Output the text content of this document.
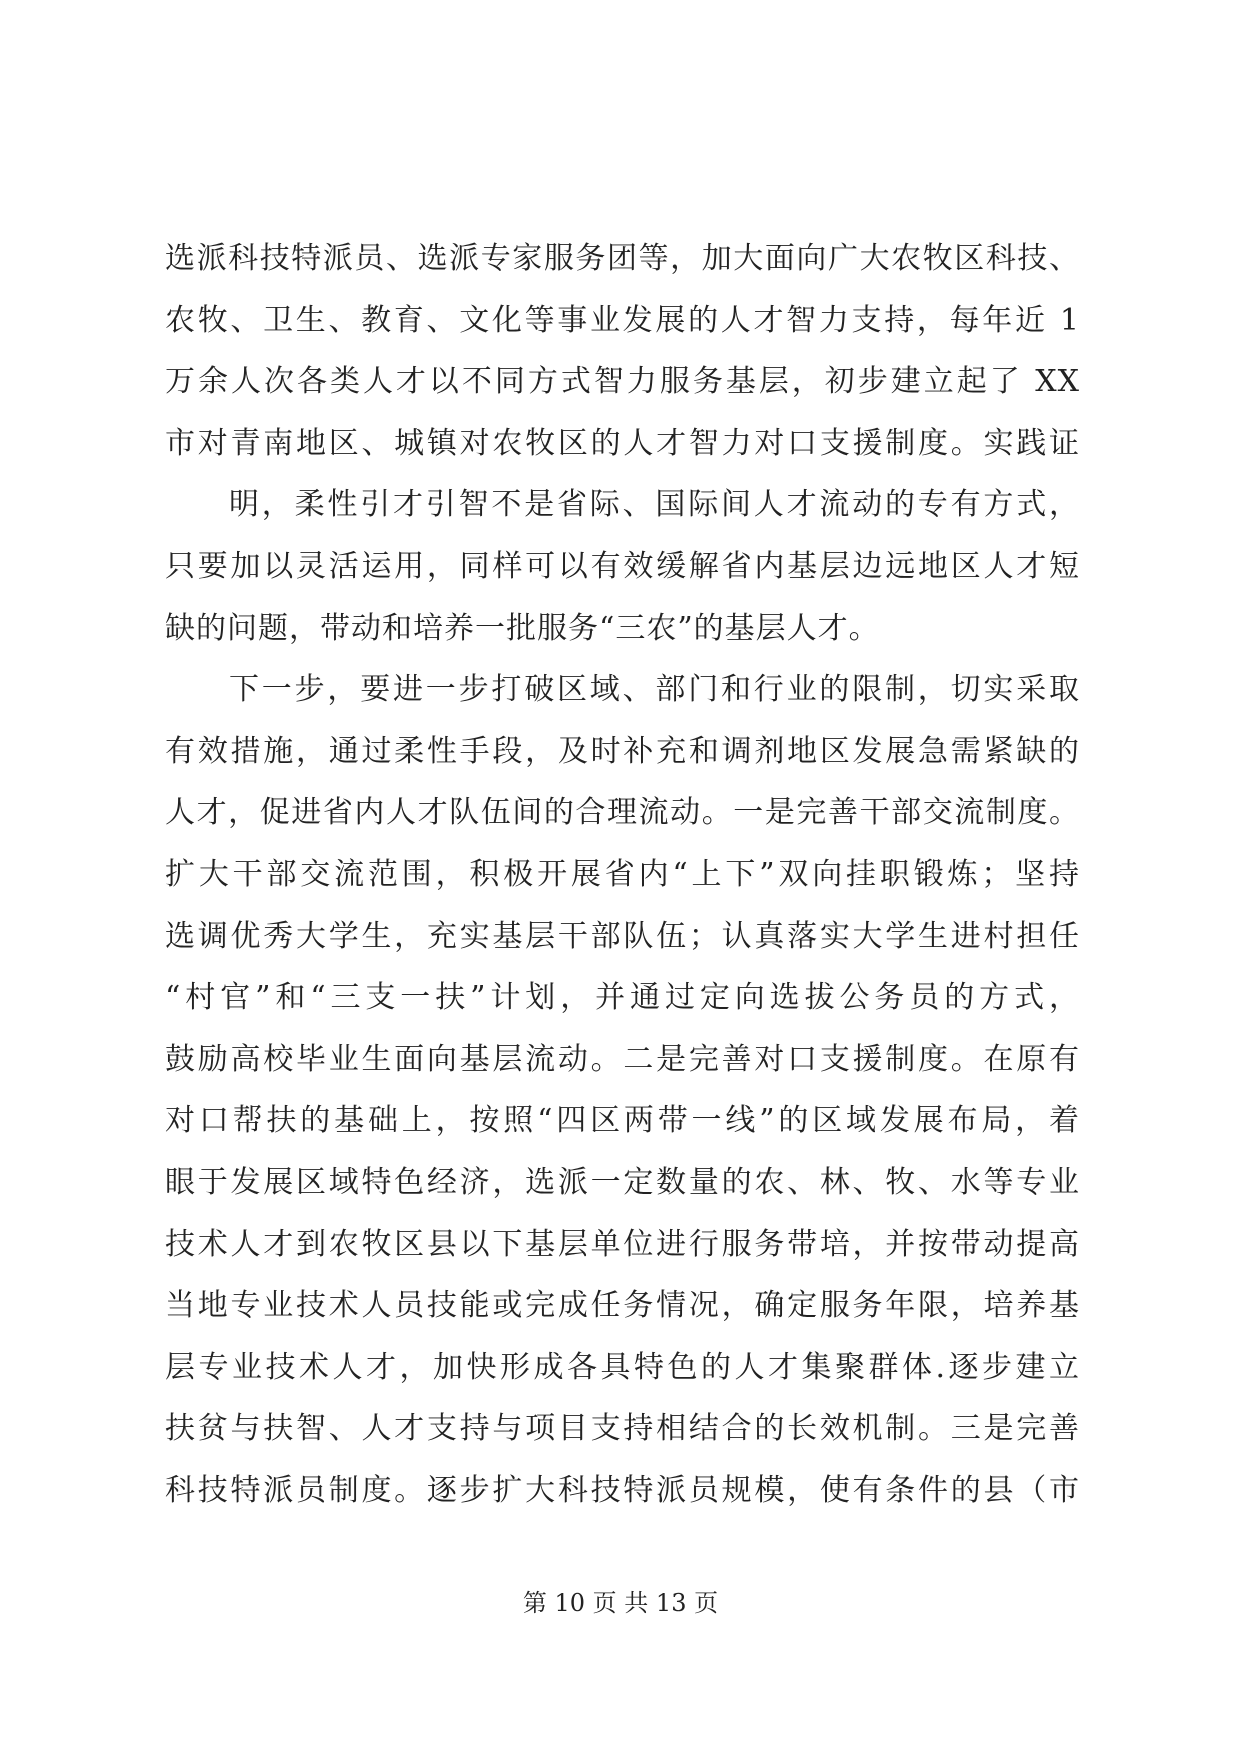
选派科技特派员、选派专家服务团等，加大面向广大农牧区科技、
农牧、卫生、教育、文化等事业发展的人才智力支持，每年近 1
万余人次各类人才以不同方式智力服务基层，初步建立起了 XX
市对青南地区、城镇对农牧区的人才智力对口支援制度。实践证
明，柔性引才引智不是省际、国际间人才流动的专有方式，
只要加以灵活运用，同样可以有效缓解省内基层边远地区人才短
缺的问题，带动和培养一批服务“三农”的基层人才。
下一步，要进一步打破区域、部门和行业的限制，切实采取
有效措施，通过柔性手段，及时补充和调剂地区发展急需紧缺的
人才，促进省内人才队伍间的合理流动。一是完善干部交流制度。
扩大干部交流范围，积极开展省内“上下”双向挂职锻炼；坚持
选调优秀大学生，充实基层干部队伍；认真落实大学生进村担任
“村官”和“三支一扶”计划，并通过定向选拔公务员的方式，
鼓励高校毕业生面向基层流动。二是完善对口支援制度。在原有
对口帮扶的基础上，按照“四区两带一线”的区域发展布局，着
眼于发展区域特色经济，选派一定数量的农、林、牧、水等专业
技术人才到农牧区县以下基层单位进行服务带培，并按带动提高
当地专业技术人员技能或完成任务情况，确定服务年限，培养基
层专业技术人才，加快形成各具特色的人才集聚群体.逐步建立
扶贫与扶智、人才支持与项目支持相结合的长效机制。三是完善
科技特派员制度。逐步扩大科技特派员规模，使有条件的县（市
第 10 页 共 13 页
